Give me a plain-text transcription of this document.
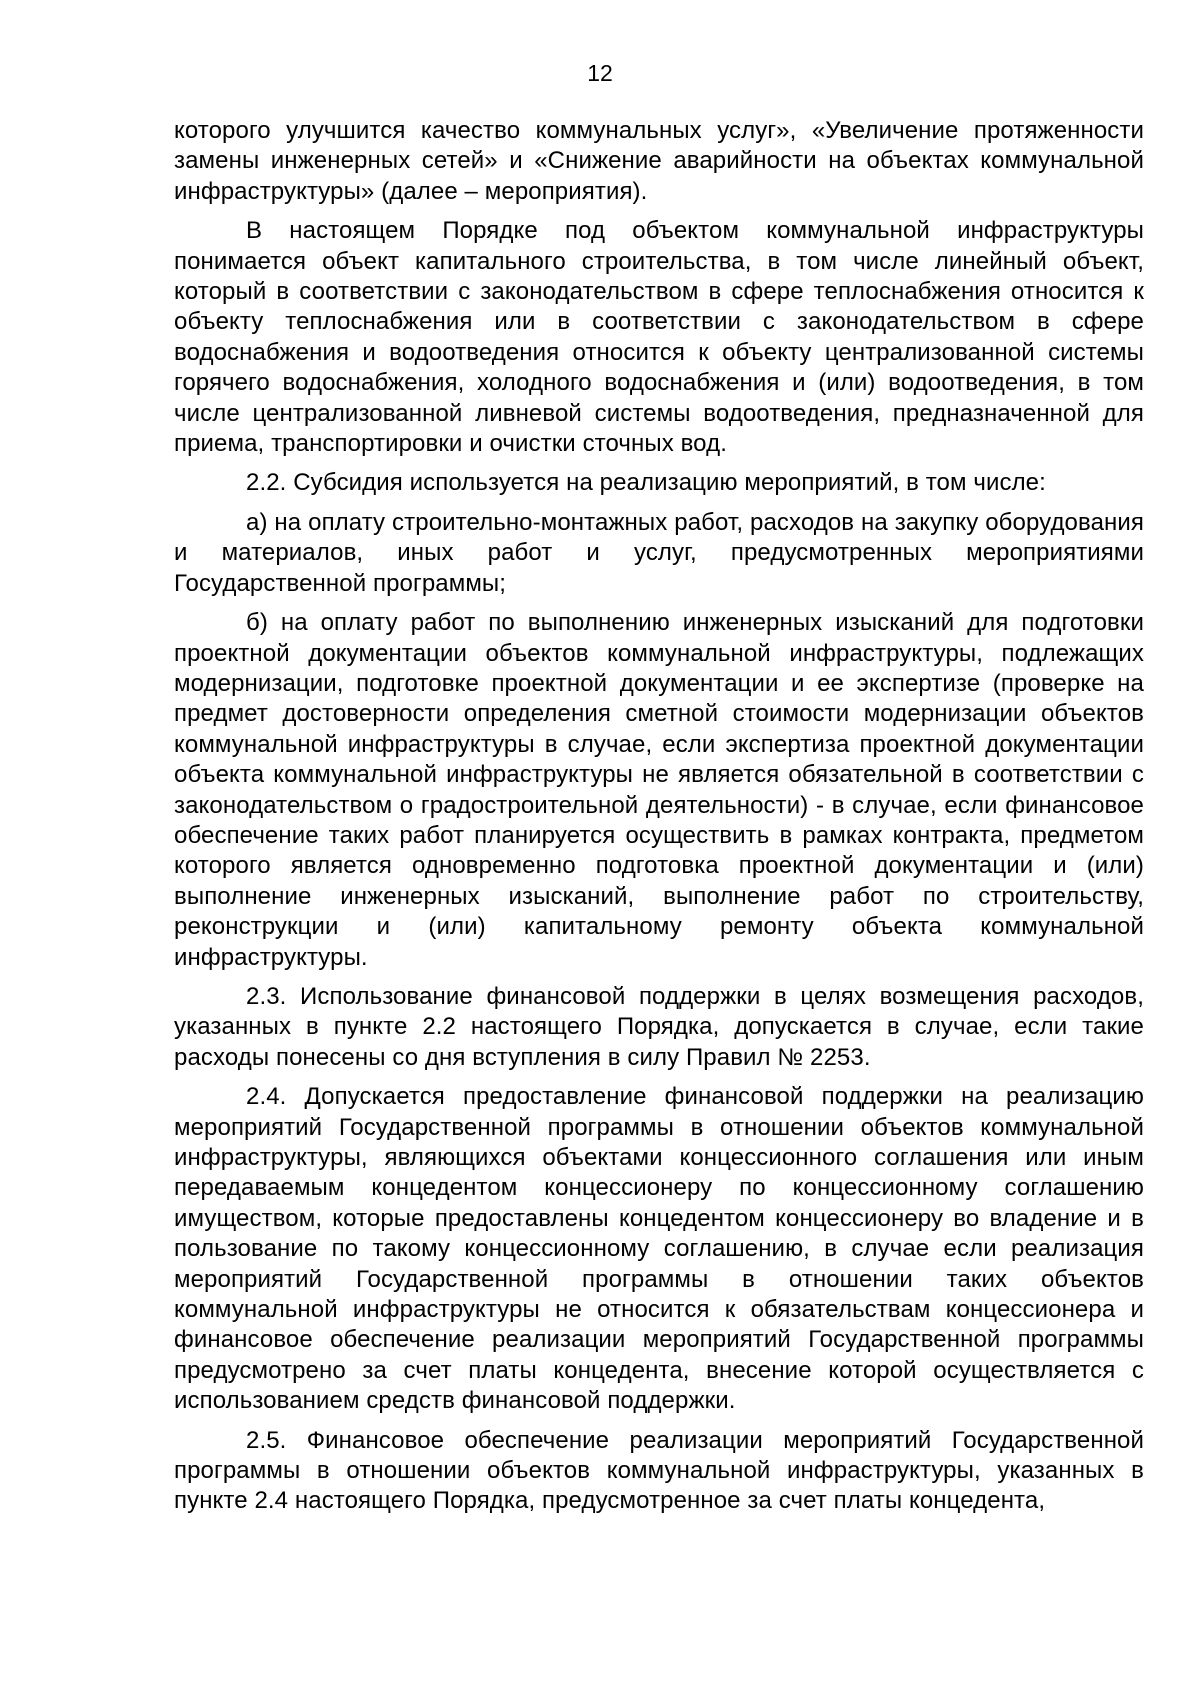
12

которого улучшится качество коммунальных услуг», «Увеличение протяженности замены инженерных сетей» и «Снижение аварийности на объектах коммунальной инфраструктуры» (далее – мероприятия).

В настоящем Порядке под объектом коммунальной инфраструктуры понимается объект капитального строительства, в том числе линейный объект, который в соответствии с законодательством в сфере теплоснабжения относится к объекту теплоснабжения или в соответствии с законодательством в сфере водоснабжения и водоотведения относится к объекту централизованной системы горячего водоснабжения, холодного водоснабжения и (или) водоотведения, в том числе централизованной ливневой системы водоотведения, предназначенной для приема, транспортировки и очистки сточных вод.

2.2. Субсидия используется на реализацию мероприятий, в том числе:

а) на оплату строительно-монтажных работ, расходов на закупку оборудования и материалов, иных работ и услуг, предусмотренных мероприятиями Государственной программы;

б) на оплату работ по выполнению инженерных изысканий для подготовки проектной документации объектов коммунальной инфраструктуры, подлежащих модернизации, подготовке проектной документации и ее экспертизе (проверке на предмет достоверности определения сметной стоимости модернизации объектов коммунальной инфраструктуры в случае, если экспертиза проектной документации объекта коммунальной инфраструктуры не является обязательной в соответствии с законодательством о градостроительной деятельности) - в случае, если финансовое обеспечение таких работ планируется осуществить в рамках контракта, предметом которого является одновременно подготовка проектной документации и (или) выполнение инженерных изысканий, выполнение работ по строительству, реконструкции и (или) капитальному ремонту объекта коммунальной инфраструктуры.

2.3. Использование финансовой поддержки в целях возмещения расходов, указанных в пункте 2.2 настоящего Порядка, допускается в случае, если такие расходы понесены со дня вступления в силу Правил № 2253.

2.4. Допускается предоставление финансовой поддержки на реализацию мероприятий Государственной программы в отношении объектов коммунальной инфраструктуры, являющихся объектами концессионного соглашения или иным передаваемым концедентом концессионеру по концессионному соглашению имуществом, которые предоставлены концедентом концессионеру во владение и в пользование по такому концессионному соглашению, в случае если реализация мероприятий Государственной программы в отношении таких объектов коммунальной инфраструктуры не относится к обязательствам концессионера и финансовое обеспечение реализации мероприятий Государственной программы предусмотрено за счет платы концедента, внесение которой осуществляется с использованием средств финансовой поддержки.

2.5. Финансовое обеспечение реализации мероприятий Государственной программы в отношении объектов коммунальной инфраструктуры, указанных в пункте 2.4 настоящего Порядка, предусмотренное за счет платы концедента,
